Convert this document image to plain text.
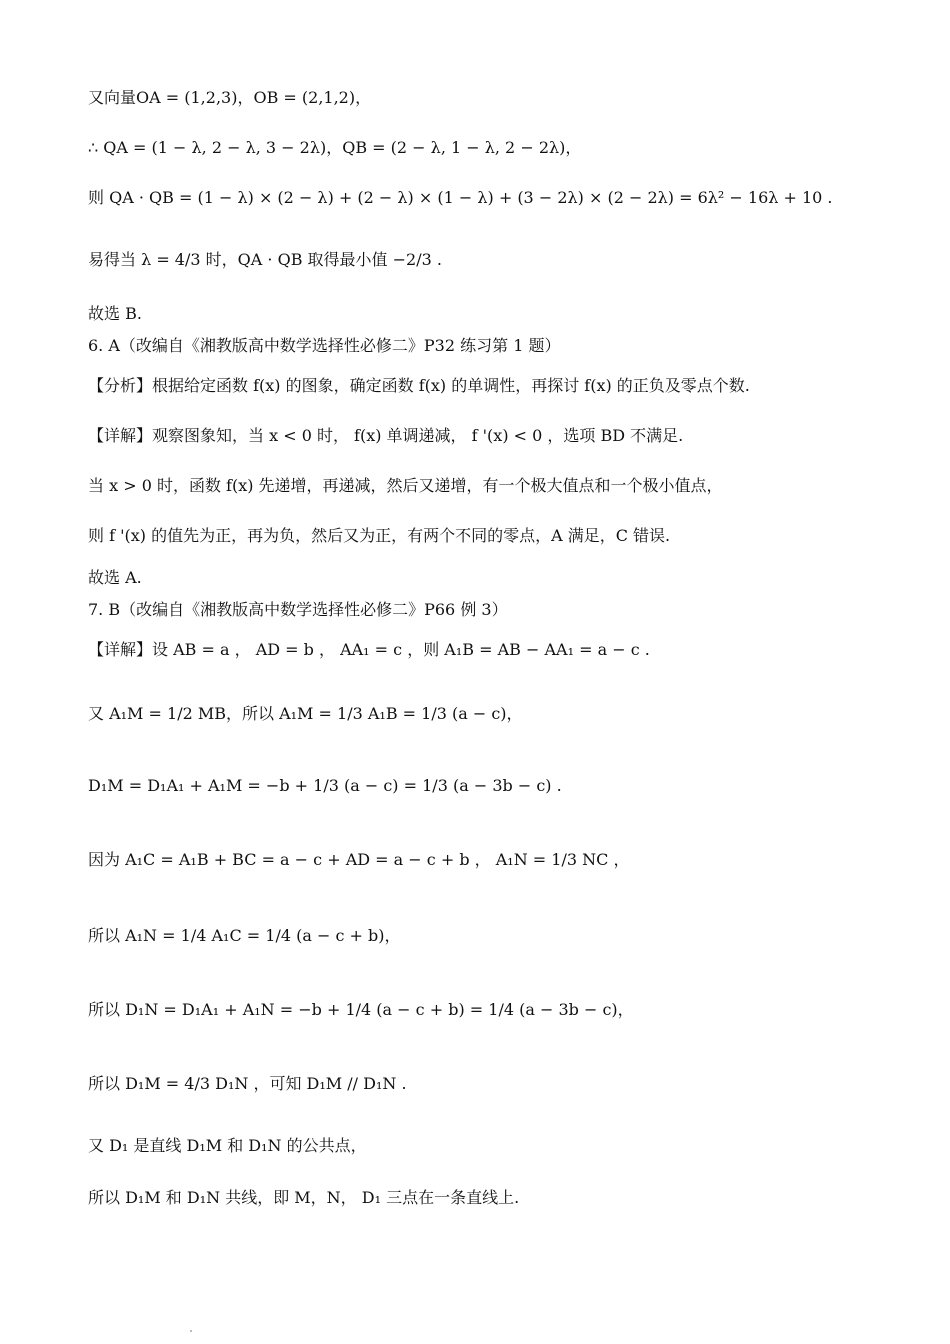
又向量OA = (1,2,3)，OB = (2,1,2)，
∴ QA = (1 − λ, 2 − λ, 3 − 2λ)，QB = (2 − λ, 1 − λ, 2 − 2λ)，
则 QA · QB = (1 − λ) × (2 − λ) + (2 − λ) × (1 − λ) + (3 − 2λ) × (2 − 2λ) = 6λ² − 16λ + 10 .
易得当 λ = 4/3 时，QA · QB 取得最小值 −2/3 .
故选 B.
6. A（改编自《湘教版高中数学选择性必修二》P32 练习第 1 题）
【分析】根据给定函数 f(x) 的图象，确定函数 f(x) 的单调性，再探讨 f(x) 的正负及零点个数.
【详解】观察图象知，当 x < 0 时， f(x) 单调递减， f '(x) < 0 ，选项 BD 不满足.
当 x > 0 时，函数 f(x) 先递增，再递减，然后又递增，有一个极大值点和一个极小值点，
则 f '(x) 的值先为正，再为负，然后又为正，有两个不同的零点，A 满足，C 错误.
故选 A.
7. B（改编自《湘教版高中数学选择性必修二》P66 例 3）
【详解】设 AB = a ， AD = b ， AA₁ = c ，则 A₁B = AB − AA₁ = a − c .
又 A₁M = 1/2 MB，所以 A₁M = 1/3 A₁B = 1/3 (a − c)，
D₁M = D₁A₁ + A₁M = −b + 1/3 (a − c) = 1/3 (a − 3b − c) .
因为 A₁C = A₁B + BC = a − c + AD = a − c + b ， A₁N = 1/3 NC ，
所以 A₁N = 1/4 A₁C = 1/4 (a − c + b)，
所以 D₁N = D₁A₁ + A₁N = −b + 1/4 (a − c + b) = 1/4 (a − 3b − c)，
所以 D₁M = 4/3 D₁N ，可知 D₁M // D₁N .
又 D₁ 是直线 D₁M 和 D₁N 的公共点，
所以 D₁M 和 D₁N 共线，即 M，N， D₁ 三点在一条直线上.
